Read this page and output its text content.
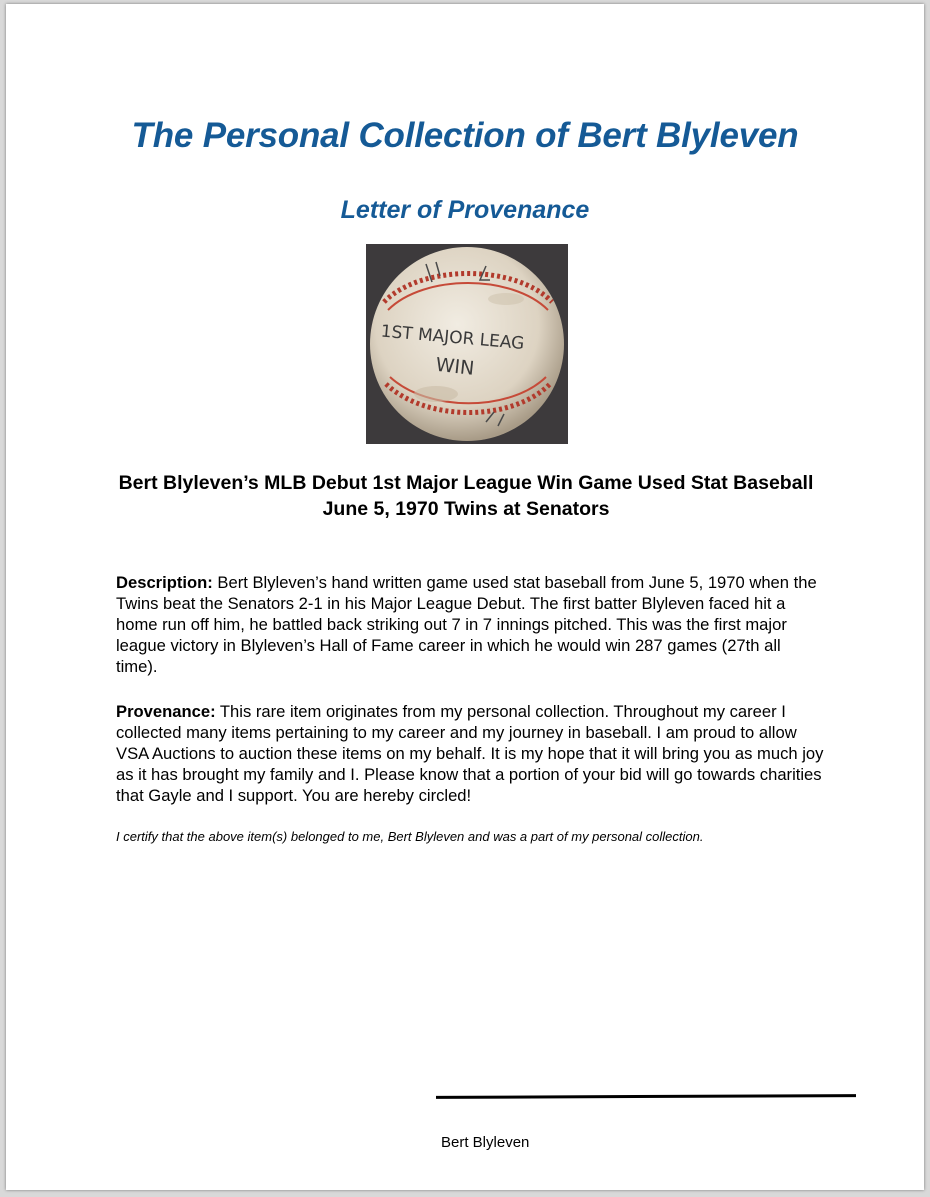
The Personal Collection of Bert Blyleven
Letter of Provenance
1ST MAJOR LEAG
WIN
Bert Blyleven’s MLB Debut 1st Major League Win Game Used Stat Baseball June 5, 1970 Twins at Senators
Description: Bert Blyleven’s hand written game used stat baseball from June 5, 1970 when the Twins beat the Senators 2-1 in his Major League Debut. The first batter Blyleven faced hit a home run off him, he battled back striking out 7 in 7 innings pitched. This was the first major league victory in Blyleven’s Hall of Fame career in which he would win 287 games (27th all time).
Provenance: This rare item originates from my personal collection. Throughout my career I collected many items pertaining to my career and my journey in baseball. I am proud to allow VSA Auctions to auction these items on my behalf. It is my hope that it will bring you as much joy as it has brought my family and I. Please know that a portion of your bid will go towards charities that Gayle and I support. You are hereby circled!
I certify that the above item(s) belonged to me, Bert Blyleven and was a part of my personal collection.
Bert Blyleven
